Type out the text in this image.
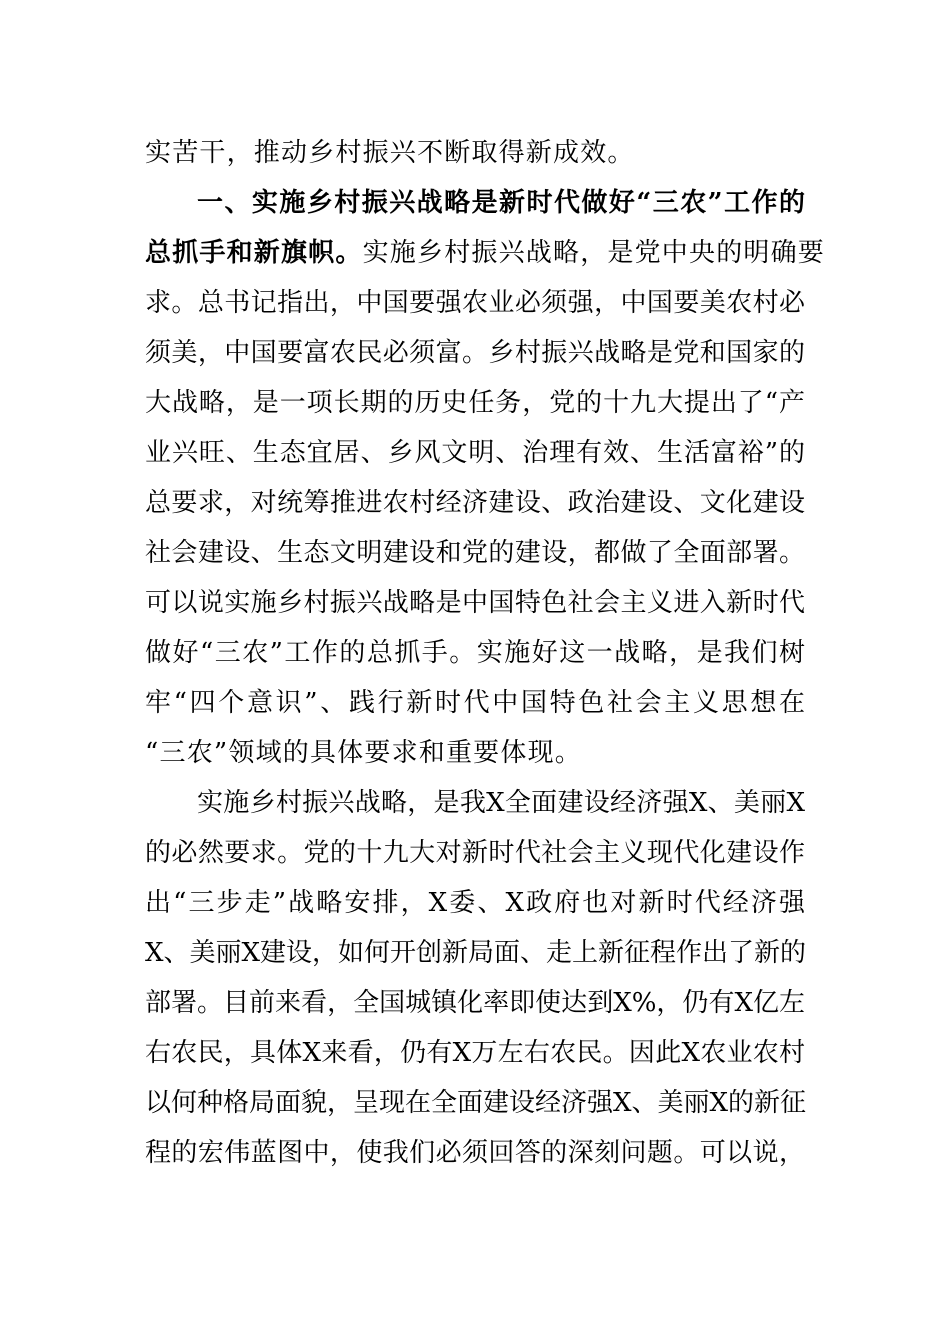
实苦干，推动乡村振兴不断取得新成效。
一、实施乡村振兴战略是新时代做好“三农”工作的
总抓手和新旗帜。实施乡村振兴战略，是党中央的明确要
求。总书记指出，中国要强农业必须强，中国要美农村必
须美，中国要富农民必须富。乡村振兴战略是党和国家的
大战略，是一项长期的历史任务，党的十九大提出了“产
业兴旺、生态宜居、乡风文明、治理有效、生活富裕”的
总要求，对统筹推进农村经济建设、政治建设、文化建设
社会建设、生态文明建设和党的建设，都做了全面部署。
可以说实施乡村振兴战略是中国特色社会主义进入新时代
做好“三农”工作的总抓手。实施好这一战略，是我们树
牢“四个意识”、践行新时代中国特色社会主义思想在
“三农”领域的具体要求和重要体现。
实施乡村振兴战略，是我X全面建设经济强X、美丽X
的必然要求。党的十九大对新时代社会主义现代化建设作
出“三步走”战略安排，X委、X政府也对新时代经济强
X、美丽X建设，如何开创新局面、走上新征程作出了新的
部署。目前来看，全国城镇化率即使达到X%，仍有X亿左
右农民，具体X来看，仍有X万左右农民。因此X农业农村
以何种格局面貌，呈现在全面建设经济强X、美丽X的新征
程的宏伟蓝图中，使我们必须回答的深刻问题。可以说，
